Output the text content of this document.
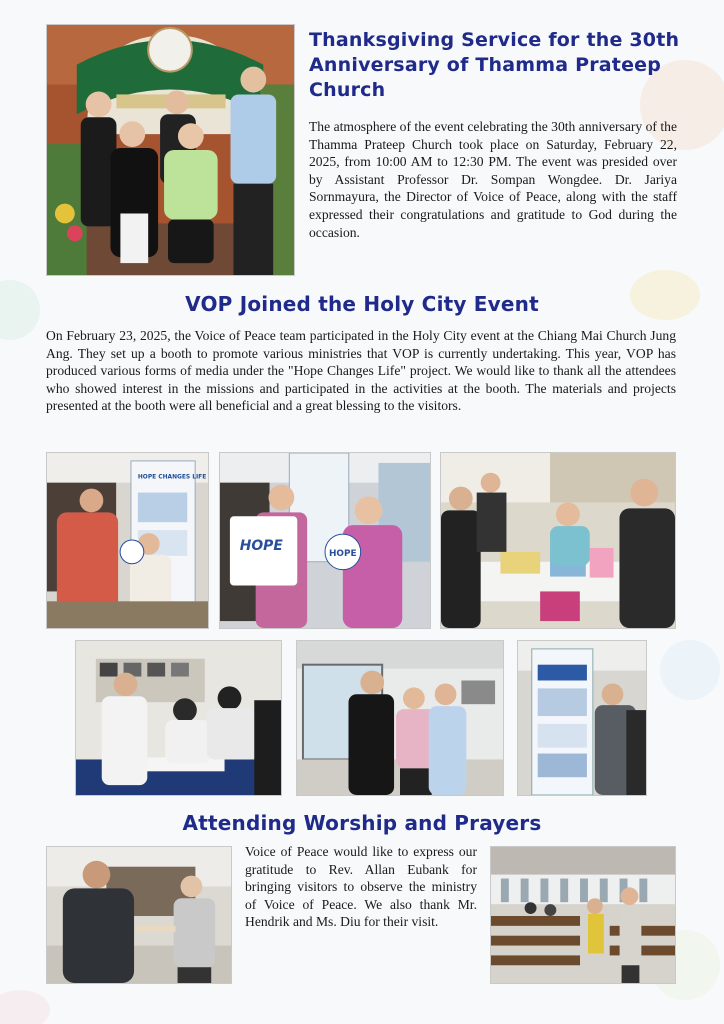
Thanksgiving Service for the 30th Anniversary of Thamma Prateep Church
The atmosphere of the event celebrating the 30th anniversary of the Thamma Prateep Church took place on Saturday, February 22, 2025, from 10:00 AM to 12:30 PM. The event was presided over by Assistant Professor Dr. Sompan Wongdee. Dr. Jariya Sornmayura, the Director of Voice of Peace, along with the staff expressed their congratulations and gratitude to God during the occasion.
VOP Joined the Holy City Event
On February 23, 2025, the Voice of Peace team participated in the Holy City event at the Chiang Mai Church Jung Ang. They set up a booth to promote various ministries that VOP is currently undertaking. This year, VOP has produced various forms of media under the "Hope Changes Life" project. We would like to thank all the attendees who showed interest in the missions and participated in the activities at the booth. The materials and projects presented at the booth were all beneficial and a great blessing to the visitors.
HOPE CHANGES LIFE
HOPE	HOPE
Attending Worship and Prayers
Voice of Peace would like to express our gratitude to Rev. Allan Eubank for bringing visitors to observe the ministry of Voice of Peace. We also thank Mr. Hendrik and Ms. Diu for their visit.
